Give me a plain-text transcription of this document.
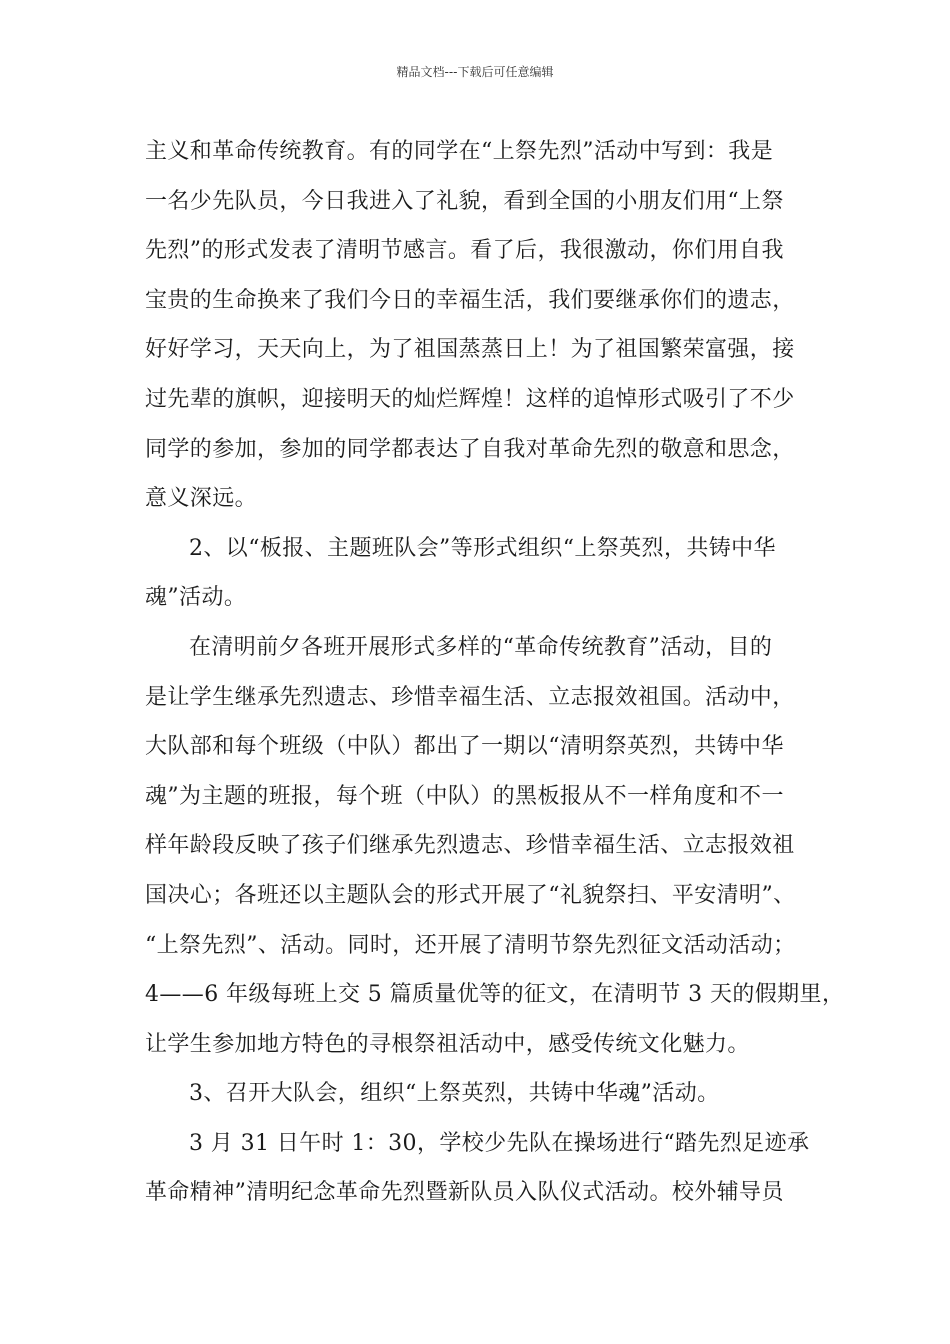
精品文档---下载后可任意编辑
主义和革命传统教育。有的同学在“上祭先烈”活动中写到：我是
一名少先队员，今日我进入了礼貌，看到全国的小朋友们用“上祭
先烈”的形式发表了清明节感言。看了后，我很激动，你们用自我
宝贵的生命换来了我们今日的幸福生活，我们要继承你们的遗志，
好好学习，天天向上，为了祖国蒸蒸日上！为了祖国繁荣富强，接
过先辈的旗帜，迎接明天的灿烂辉煌！这样的追悼形式吸引了不少
同学的参加，参加的同学都表达了自我对革命先烈的敬意和思念，
意义深远。
2、以“板报、主题班队会”等形式组织“上祭英烈，共铸中华
魂”活动。
在清明前夕各班开展形式多样的“革命传统教育”活动，目的
是让学生继承先烈遗志、珍惜幸福生活、立志报效祖国。活动中，
大队部和每个班级（中队）都出了一期以“清明祭英烈，共铸中华
魂”为主题的班报，每个班（中队）的黑板报从不一样角度和不一
样年龄段反映了孩子们继承先烈遗志、珍惜幸福生活、立志报效祖
国决心；各班还以主题队会的形式开展了“礼貌祭扫、平安清明”、
“上祭先烈”、活动。同时，还开展了清明节祭先烈征文活动活动；
4——6 年级每班上交 5 篇质量优等的征文，在清明节 3 天的假期里，
让学生参加地方特色的寻根祭祖活动中，感受传统文化魅力。
3、召开大队会，组织“上祭英烈，共铸中华魂”活动。
3 月 31 日午时 1：30，学校少先队在操场进行“踏先烈足迹承
革命精神”清明纪念革命先烈暨新队员入队仪式活动。校外辅导员
